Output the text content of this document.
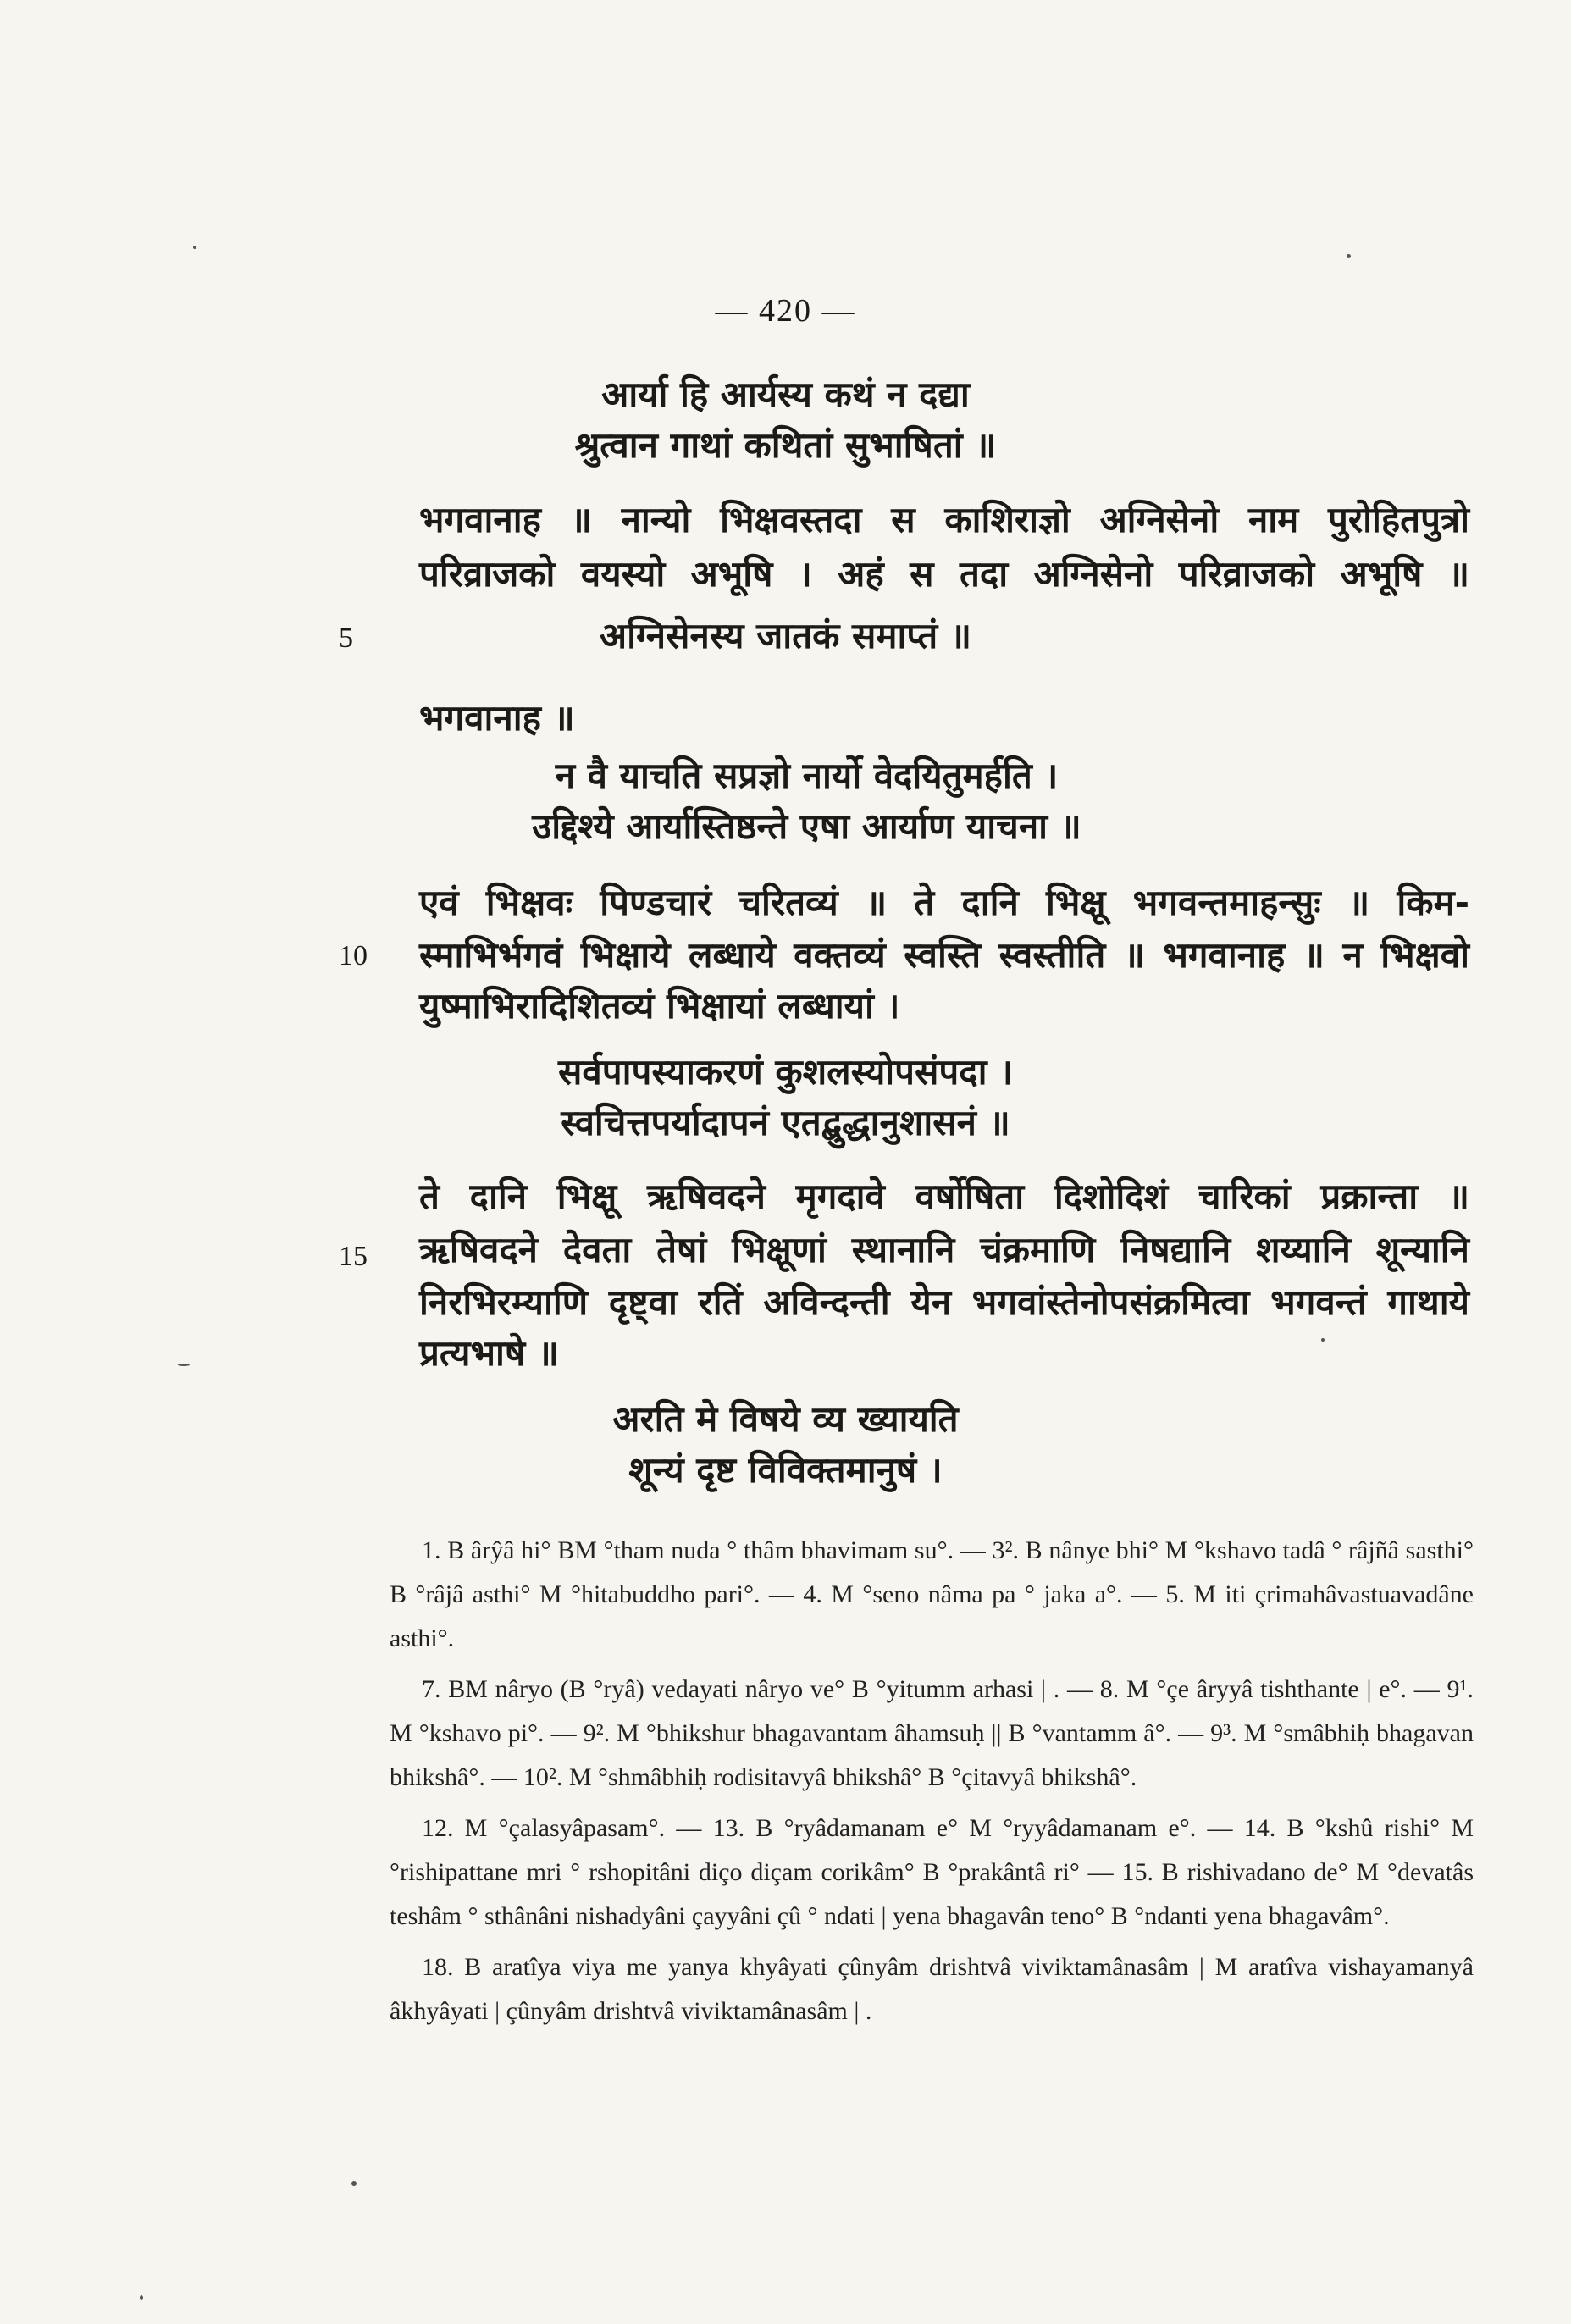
— 420 —
आर्या हि आर्यस्य कथं न दद्या
श्रुत्वान गाथां कथितां सुभाषितां ॥
भगवानाह ॥ नान्यो भिक्षवस्तदा स काशिराज्ञो अग्निसेनो नाम पुरोहितपुत्रो
परिव्राजको वयस्यो अभूषि । अहं स तदा अग्निसेनो परिव्राजको अभूषि ॥
5	अग्निसेनस्य जातकं समाप्तं ॥
भगवानाह ॥
न वै याचति सप्रज्ञो नार्यो वेदयितुमर्हति ।
उद्दिश्ये आर्यास्तिष्ठन्ते एषा आर्याण याचना ॥
एवं भिक्षवः पिण्डचारं चरितव्यं ॥ ते दानि भिक्षू भगवन्तमाहन्सुः ॥ किम-
10 स्माभिर्भगवं भिक्षाये लब्धाये वक्तव्यं स्वस्ति स्वस्तीति ॥ भगवानाह ॥ न भिक्षवो
युष्माभिरादिशितव्यं भिक्षायां लब्धायां ।
सर्वपापस्याकरणं कुशलस्योपसंपदा ।
स्वचित्तपर्यादापनं एतद्बुद्धानुशासनं ॥
ते दानि भिक्षू ऋषिवदने मृगदावे वर्षोषिता दिशोदिशं चारिकां प्रक्रान्ता ॥
15 ऋषिवदने देवता तेषां भिक्षूणां स्थानानि चंक्रमाणि निषद्यानि शय्यानि शून्यानि
निरभिरम्याणि दृष्ट्वा रतिं अविन्दन्ती येन भगवांस्तेनोपसंक्रमित्वा भगवन्तं गाथाये
प्रत्यभाषे ॥
अरति मे विषये व्य ख्यायति
शून्यं दृष्ट विविक्तमानुषं ।

1. B ârŷâ hi° BM °tham nuda ° thâm bhavimam su°. — 3². B nânye bhi° M °kshavo tadâ ° râjñâ sasthi° B °râjâ asthi° M °hitabuddho pari°. — 4. M °seno nâma pa ° jaka a°. — 5. M iti çrimahâvastuavadâne asthi°.

7. BM nâryo (B °ryâ) vedayati nâryo ve° B °yitumm arhasi | . — 8. M °çe âryyâ tishthante | e°. — 9¹. M °kshavo pi°. — 9². M °bhikshur bhagavantam âhamsuḥ || B °vantamm â°. — 9³. M °smâbhiḥ bhagavan bhikshâ°. — 10². M °shmâbhiḥ rodisitavyâ bhikshâ° B °çitavyâ bhikshâ°.

12. M °çalasyâpasam°. — 13. B °ryâdamanam e° M °ryyâdamanam e°. — 14. B °kshû rishi° M °rishipattane mri ° rshopitâni diço diçam corikâm° B °prakântâ ri° — 15. B rishivadano de° M °devatâs teshâm ° sthânâni nishadyâni çayyâni çû ° ndati | yena bhagavân teno° B °ndanti yena bhagavâm°.

18. B aratîya viya me yanya khyâyati çûnyâm drishtvâ viviktamânasâm | M aratîva vishayamanyâ âkhyâyati | çûnyâm drishtvâ viviktamânasâm | .
